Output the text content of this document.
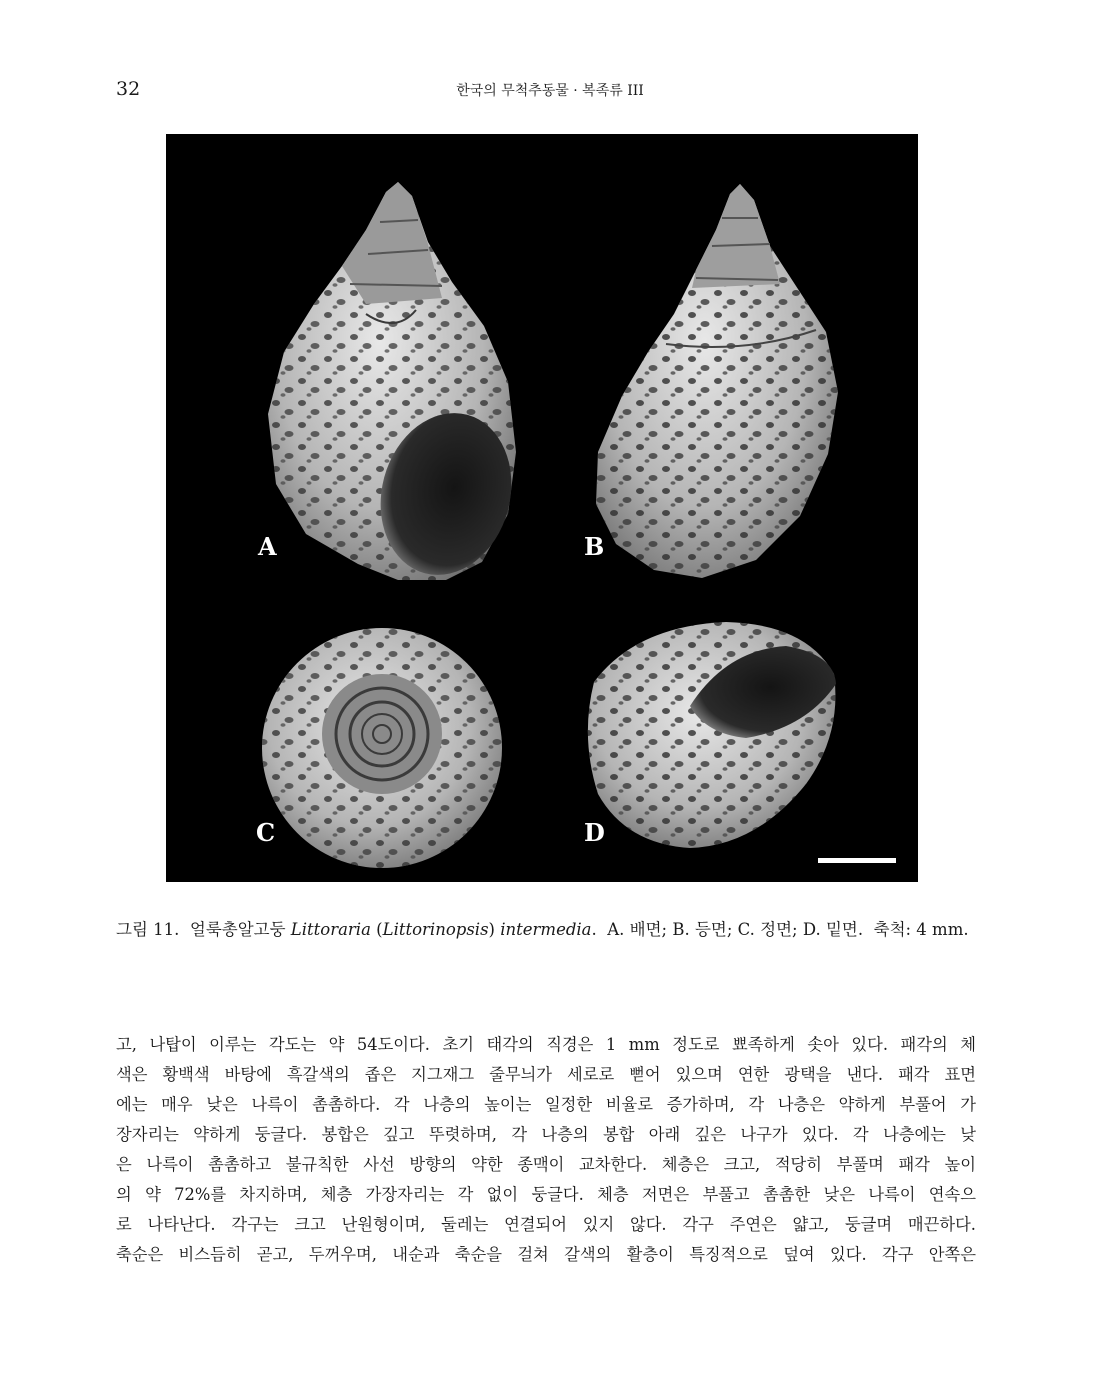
32	한국의 무척추동물 · 복족류 III
A	B
C	D
그림 11. 얼룩총알고둥 Littoraria (Littorinopsis) intermedia.  A. 배면; B. 등면; C. 정면; D. 밑면. 축척: 4 mm.
고, 나탑이 이루는 각도는 약 54도이다. 초기 태각의 직경은 1 mm 정도로 뾰족하게 솟아 있다. 패각의 체
색은 황백색 바탕에 흑갈색의 좁은 지그재그 줄무늬가 세로로 뻗어 있으며 연한 광택을 낸다. 패각 표면
에는 매우 낮은 나륵이 촘촘하다. 각 나층의 높이는 일정한 비율로 증가하며, 각 나층은 약하게 부풀어 가
장자리는 약하게 둥글다. 봉합은 깊고 뚜렷하며, 각 나층의 봉합 아래 깊은 나구가 있다. 각 나층에는 낮
은 나륵이 촘촘하고 불규칙한 사선 방향의 약한 종맥이 교차한다. 체층은 크고, 적당히 부풀며 패각 높이
의 약 72%를 차지하며, 체층 가장자리는 각 없이 둥글다. 체층 저면은 부풀고 촘촘한 낮은 나륵이 연속으
로 나타난다. 각구는 크고 난원형이며, 둘레는 연결되어 있지 않다. 각구 주연은 얇고, 둥글며 매끈하다.
축순은 비스듬히 곧고, 두꺼우며, 내순과 축순을 걸쳐 갈색의 활층이 특징적으로 덮여 있다. 각구 안쪽은
